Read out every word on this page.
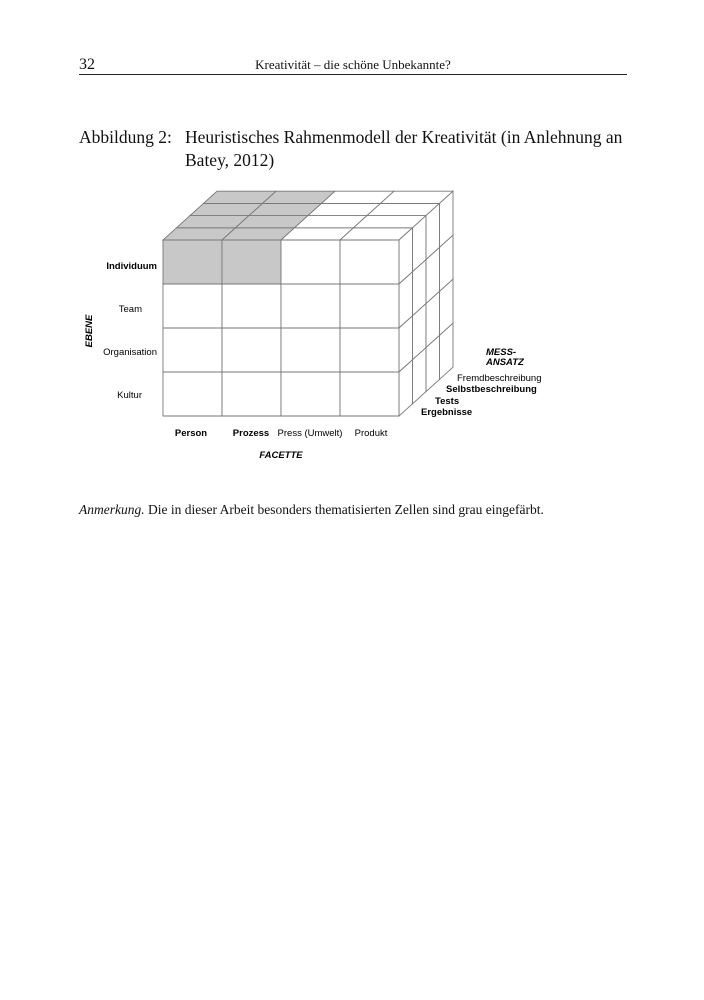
32	Kreativität – die schöne Unbekannte?
Abbildung 2: Heuristisches Rahmenmodell der Kreativität (in Anlehnung an Batey, 2012)
Individuum
Team
Organisation
Kultur
EBENE
Person	Prozess Press (Umwelt) Produkt
FACETTE
MESS-
ANSATZ
Fremdbeschreibung
Selbstbeschreibung
Tests
Ergebnisse
Anmerkung. Die in dieser Arbeit besonders thematisierten Zellen sind grau eingefärbt.
